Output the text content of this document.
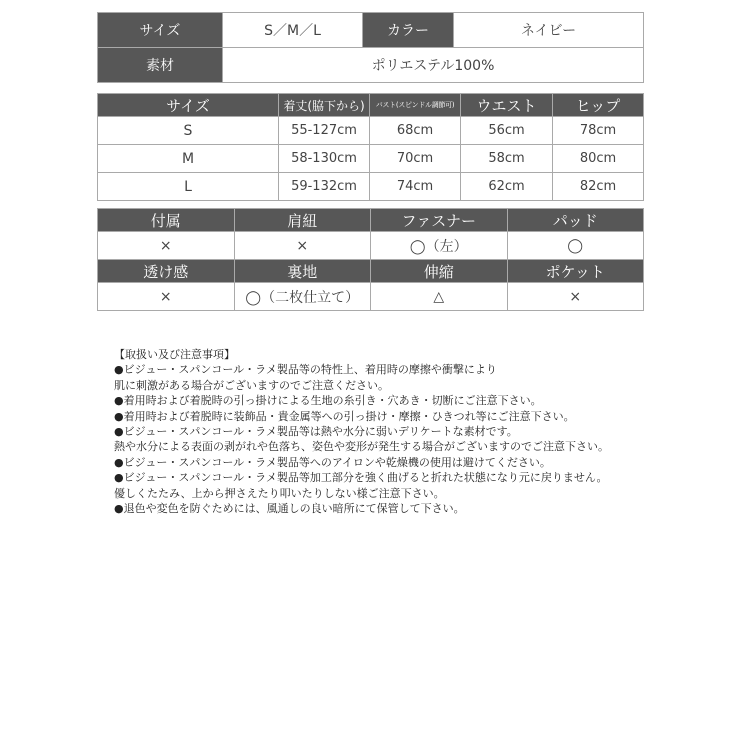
サイズ	S／M／L	カラー	ネイビー
素材	ポリエステル100%		
サイズ	着丈(脇下から)	バスト(スピンドル調節可)	ウエスト	ヒップ
S	55-127cm	68cm	56cm	78cm
M	58-130cm	70cm	58cm	80cm
L	59-132cm	74cm	62cm	82cm
付属	肩紐	ファスナー	パッド
×	×	◯（左）	◯
透け感	裏地	伸縮	ポケット
×	◯（二枚仕立て）	△	×
【取扱い及び注意事項】
●ビジュー・スパンコール・ラメ製品等の特性上、着用時の摩擦や衝撃により
肌に刺激がある場合がございますのでご注意ください。
●着用時および着脱時の引っ掛けによる生地の糸引き・穴あき・切断にご注意下さい。
●着用時および着脱時に装飾品・貴金属等への引っ掛け・摩擦・ひきつれ等にご注意下さい。
●ビジュー・スパンコール・ラメ製品等は熱や水分に弱いデリケートな素材です。
熱や水分による表面の剥がれや色落ち、姿色や変形が発生する場合がございますのでご注意下さい。
●ビジュー・スパンコール・ラメ製品等へのアイロンや乾燥機の使用は避けてください。
●ビジュー・スパンコール・ラメ製品等加工部分を強く曲げると折れた状態になり元に戻りません。
優しくたたみ、上から押さえたり叩いたりしない様ご注意下さい。
●退色や変色を防ぐためには、風通しの良い暗所にて保管して下さい。
